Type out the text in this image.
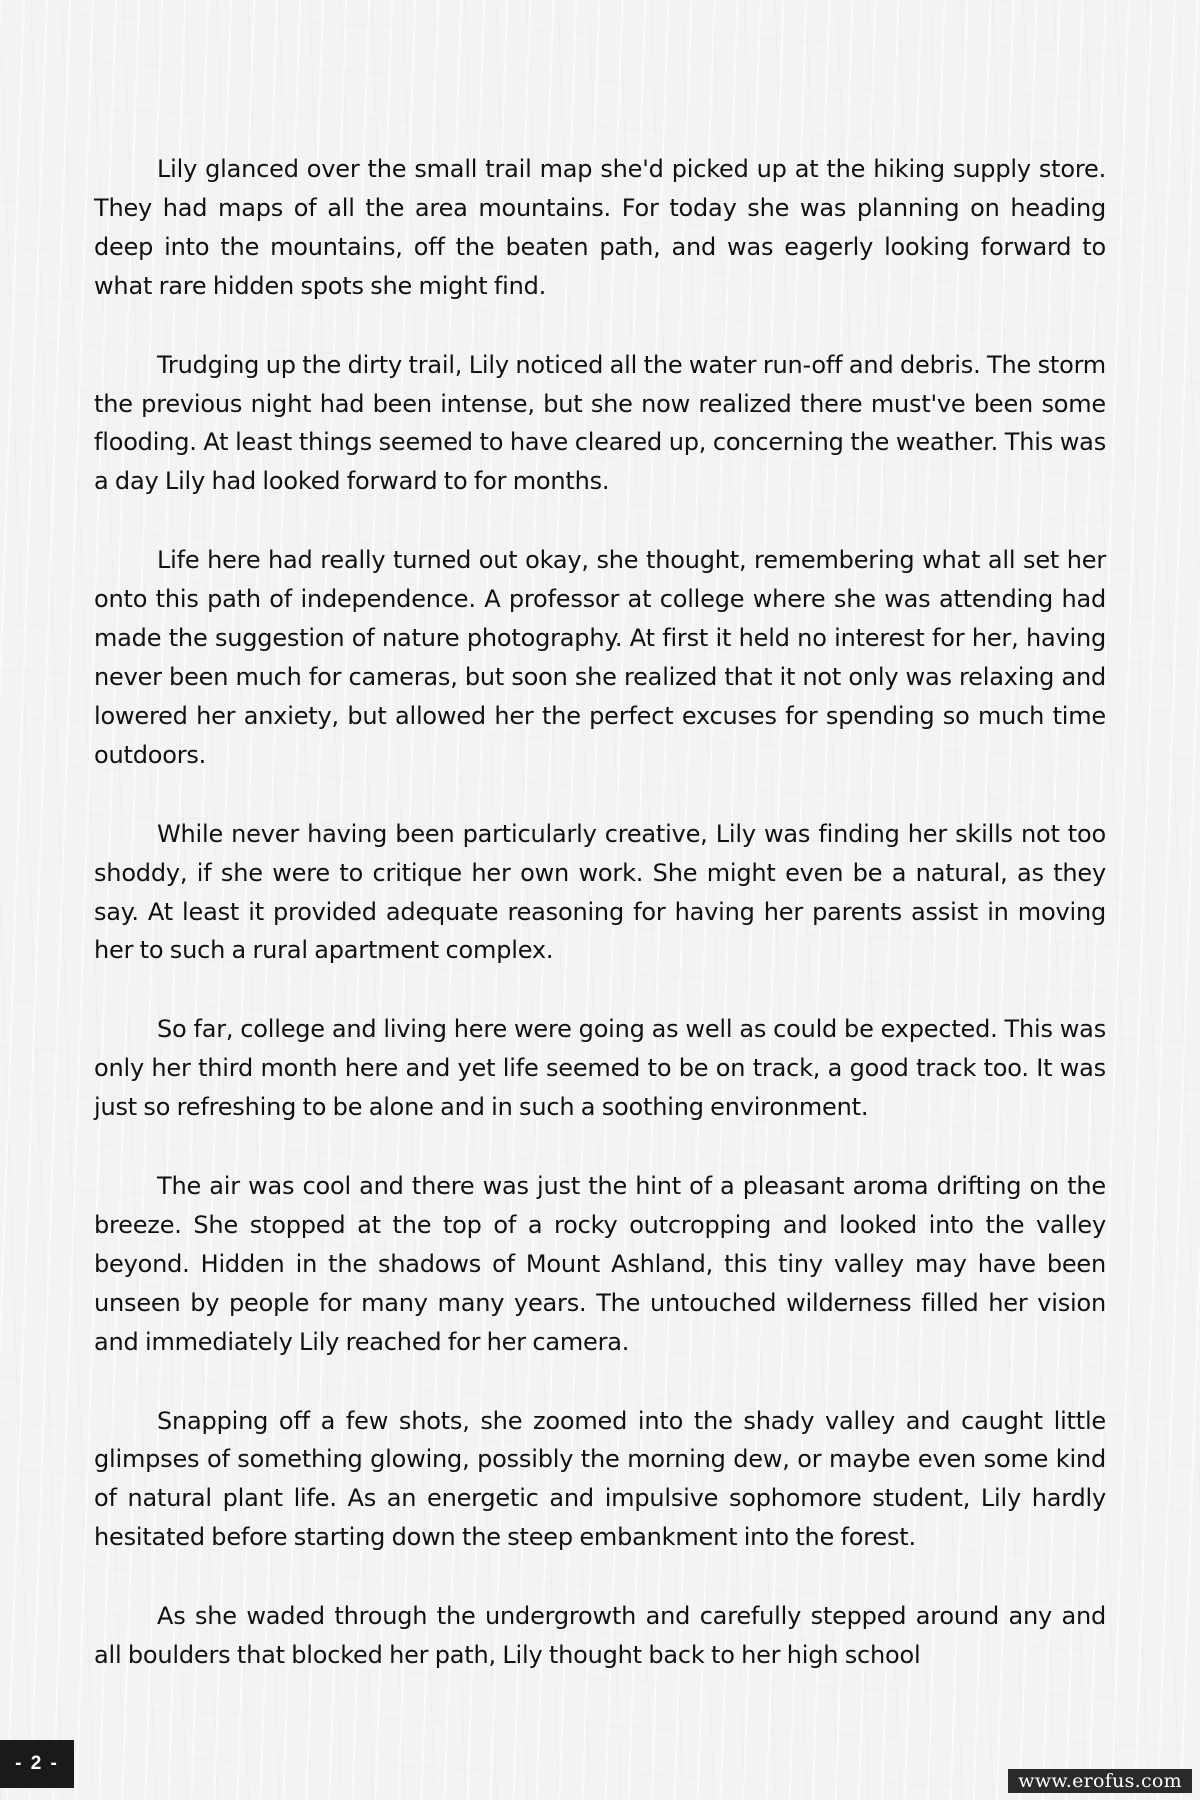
Lily glanced over the small trail map she'd picked up at the hiking supply store. They had maps of all the area mountains. For today she was planning on heading deep into the mountains, off the beaten path, and was eagerly looking forward to what rare hidden spots she might find.

Trudging up the dirty trail, Lily noticed all the water run-off and debris. The storm the previous night had been intense, but she now realized there must've been some flooding. At least things seemed to have cleared up, concerning the weather. This was a day Lily had looked forward to for months.

Life here had really turned out okay, she thought, remembering what all set her onto this path of independence. A professor at college where she was attending had made the suggestion of nature photography. At first it held no interest for her, having never been much for cameras, but soon she realized that it not only was relaxing and lowered her anxiety, but allowed her the perfect excuses for spending so much time outdoors.

While never having been particularly creative, Lily was finding her skills not too shoddy, if she were to critique her own work. She might even be a natural, as they say. At least it provided adequate reasoning for having her parents assist in moving her to such a rural apartment complex.

So far, college and living here were going as well as could be expected. This was only her third month here and yet life seemed to be on track, a good track too. It was just so refreshing to be alone and in such a soothing environment.

The air was cool and there was just the hint of a pleasant aroma drifting on the breeze. She stopped at the top of a rocky outcropping and looked into the valley beyond. Hidden in the shadows of Mount Ashland, this tiny valley may have been unseen by people for many many years. The untouched wilderness filled her vision and immediately Lily reached for her camera.

Snapping off a few shots, she zoomed into the shady valley and caught little glimpses of something glowing, possibly the morning dew, or maybe even some kind of natural plant life. As an energetic and impulsive sophomore student, Lily hardly hesitated before starting down the steep embankment into the forest.

As she waded through the undergrowth and carefully stepped around any and all boulders that blocked her path, Lily thought back to her high school

- 2 -
www.erofus.com
